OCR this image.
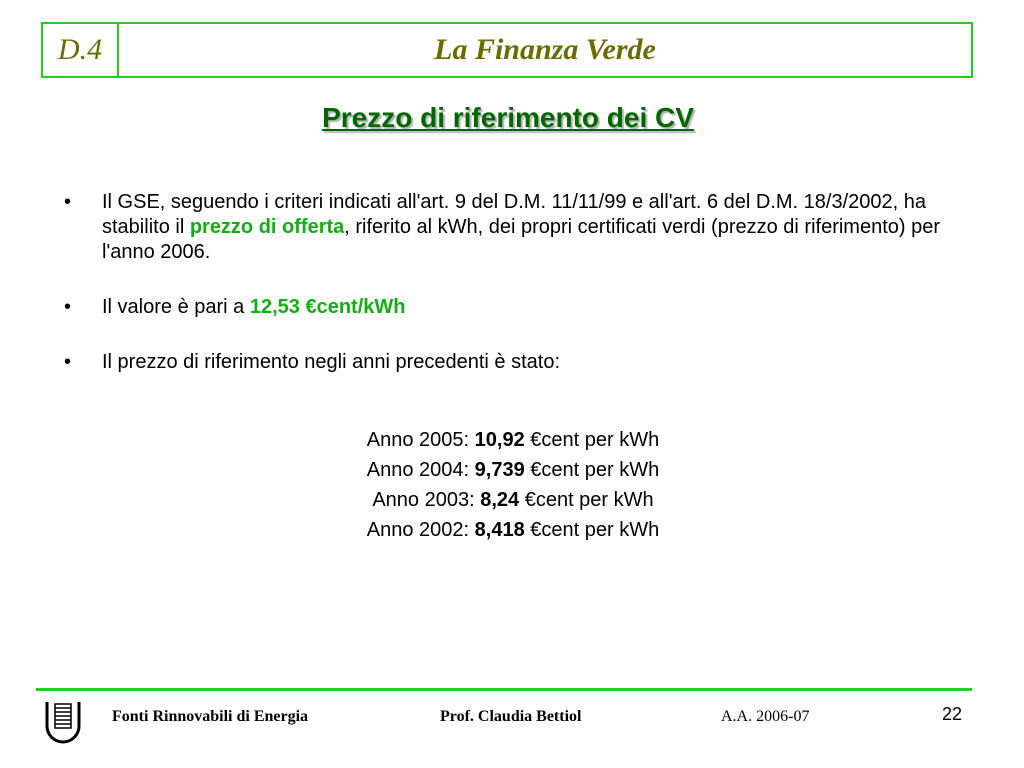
D.4	La Finanza Verde
Prezzo di riferimento dei CV
•	Il GSE, seguendo i criteri indicati all'art. 9 del D.M. 11/11/99 e all'art. 6 del D.M. 18/3/2002, ha stabilito il prezzo di offerta, riferito al kWh, dei propri certificati verdi (prezzo di riferimento) per l'anno 2006.
•	Il valore è pari a 12,53 €cent/kWh
•	Il prezzo di riferimento negli anni precedenti è stato:
Anno 2005: 10,92 €cent per kWh
Anno 2004: 9,739 €cent per kWh
Anno 2003: 8,24 €cent per kWh
Anno 2002: 8,418 €cent per kWh
Fonti Rinnovabili di Energia	Prof. Claudia Bettiol	A.A. 2006-07	22
